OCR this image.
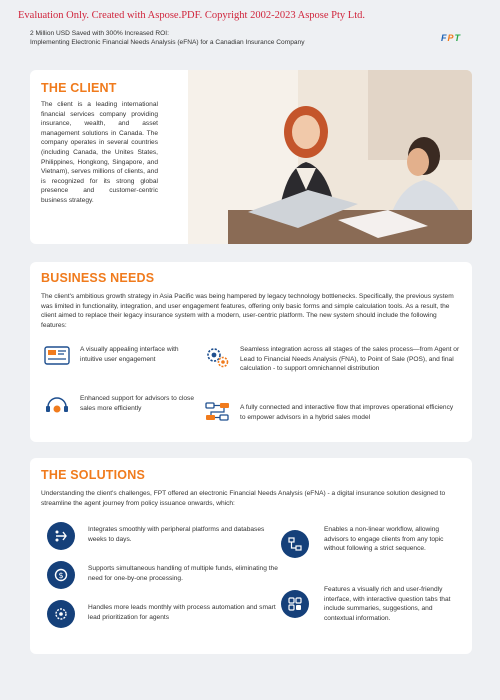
Evaluation Only. Created with Aspose.PDF. Copyright 2002-2023 Aspose Pty Ltd.
2 Million USD Saved with 300% Increased ROI:
Implementing Electronic Financial Needs Analysis (eFNA) for a Canadian Insurance Company	F P T
THE CLIENT
The client is a leading international financial services company providing insurance, wealth, and asset management solutions in Canada. The company operates in several countries (including Canada, the Unites States, Philippines, Hongkong, Singapore, and Vietnam), serves millions of clients, and is recognized for its strong global presence and customer-centric business strategy.
BUSINESS NEEDS
The client's ambitious growth strategy in Asia Pacific was being hampered by legacy technology bottlenecks. Specifically, the previous system was limited in functionality, integration, and user engagement features, offering only basic forms and simple calculation tools. As a result, the client aimed to replace their legacy insurance system with a modern, user-centric platform. The new system should include the following features:
A visually appealing interface with intuitive user engagement
Seamless integration across all stages of the sales process—from Agent or Lead to Financial Needs Analysis (FNA), to Point of Sale (POS), and final calculation - to support omnichannel distribution
Enhanced support for advisors to close sales more efficiently	A fully connected and interactive flow that improves operational efficiency to empower advisors in a hybrid sales model
THE SOLUTIONS
Understanding the client's challenges, FPT offered an electronic Financial Needs Analysis (eFNA) - a digital insurance solution designed to streamline the agent journey from policy issuance onwards, which:
Integrates smoothly with peripheral platforms and databases weeks to days.
$
Supports simultaneous handling of multiple funds, eliminating the need for one-by-one processing.
Handles more leads monthly with process automation and smart lead prioritization for agents
Enables a non-linear workflow, allowing advisors to engage clients from any topic without following a strict sequence.
Features a visually rich and user-friendly interface, with interactive question tabs that include summaries, suggestions, and contextual information.
